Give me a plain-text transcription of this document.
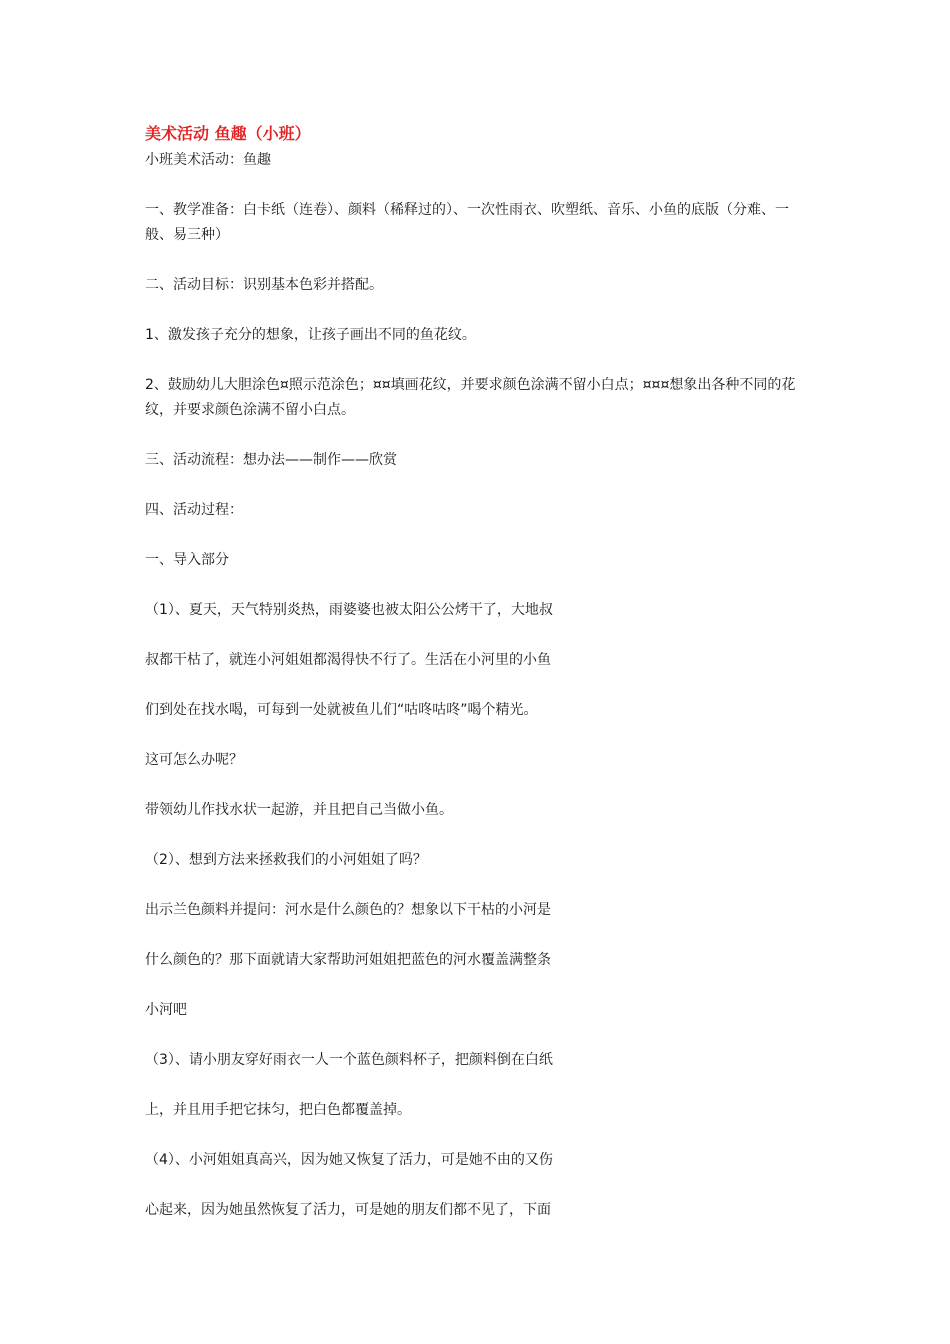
美术活动 鱼趣（小班）

小班美术活动：鱼趣

一、教学准备：白卡纸（连卷）、颜料（稀释过的）、一次性雨衣、吹塑纸、音乐、小鱼的底版（分难、一般、易三种）

二、活动目标：识别基本色彩并搭配。

1、激发孩子充分的想象，让孩子画出不同的鱼花纹。

2、鼓励幼儿大胆涂色¤照示范涂色；¤¤填画花纹，并要求颜色涂满不留小白点；¤¤¤想象出各种不同的花纹，并要求颜色涂满不留小白点。

三、活动流程：想办法——制作——欣赏

四、活动过程：

一、导入部分

（1）、夏天，天气特别炎热，雨婆婆也被太阳公公烤干了，大地叔

叔都干枯了，就连小河姐姐都渴得快不行了。生活在小河里的小鱼

们到处在找水喝，可每到一处就被鱼儿们“咕咚咕咚”喝个精光。

这可怎么办呢？

带领幼儿作找水状一起游，并且把自己当做小鱼。

（2）、想到方法来拯救我们的小河姐姐了吗？

出示兰色颜料并提问：河水是什么颜色的？想象以下干枯的小河是

什么颜色的？那下面就请大家帮助河姐姐把蓝色的河水覆盖满整条

小河吧

（3）、请小朋友穿好雨衣一人一个蓝色颜料杯子，把颜料倒在白纸

上，并且用手把它抹匀，把白色都覆盖掉。

（4）、小河姐姐真高兴，因为她又恢复了活力，可是她不由的又伤

心起来，因为她虽然恢复了活力，可是她的朋友们都不见了，下面
